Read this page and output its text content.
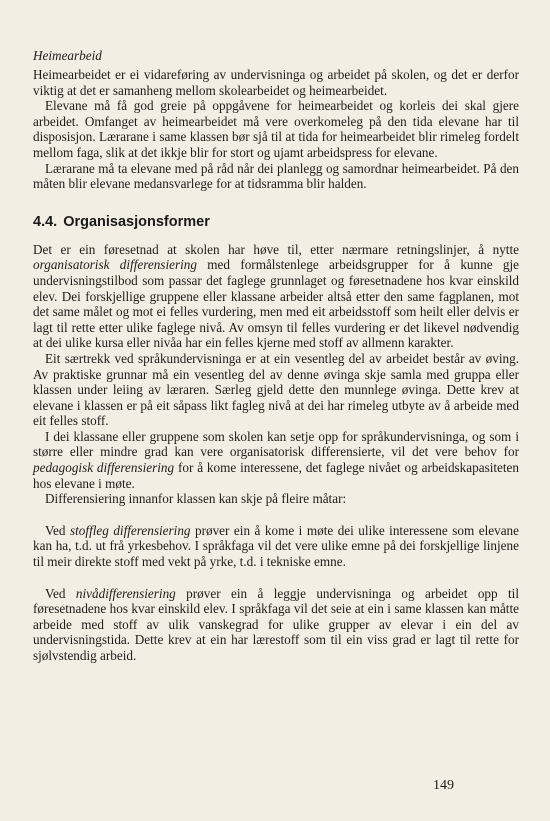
Heimearbeid

Heimearbeidet er ei vidareføring av undervisninga og arbeidet på skolen, og det er derfor viktig at det er samanheng mellom skolearbeidet og heimearbeidet.

Elevane må få god greie på oppgåvene for heimearbeidet og korleis dei skal gjere arbeidet. Omfanget av heimearbeidet må vere overkomeleg på den tida elevane har til disposisjon. Lærarane i same klassen bør sjå til at tida for heimearbeidet blir rimeleg fordelt mellom faga, slik at det ikkje blir for stort og ujamt arbeidspress for elevane.

Lærarane må ta elevane med på råd når dei planlegg og samordnar heimearbeidet. På den måten blir elevane medansvarlege for at tidsramma blir halden.

4.4. Organisasjonsformer

Det er ein føresetnad at skolen har høve til, etter nærmare retningslinjer, å nytte organisatorisk differensiering med formålstenlege arbeidsgrupper for å kunne gje undervisningstilbod som passar det faglege grunnlaget og føresetnadene hos kvar einskild elev. Dei forskjellige gruppene eller klassane arbeider altså etter den same fagplanen, mot det same målet og mot ei felles vurdering, men med eit arbeidsstoff som heilt eller delvis er lagt til rette etter ulike faglege nivå. Av omsyn til felles vurdering er det likevel nødvendig at dei ulike kursa eller nivåa har ein felles kjerne med stoff av allmenn karakter.

Eit særtrekk ved språkundervisninga er at ein vesentleg del av arbeidet består av øving. Av praktiske grunnar må ein vesentleg del av denne øvinga skje samla med gruppa eller klassen under leiing av læraren. Særleg gjeld dette den munnlege øvinga. Dette krev at elevane i klassen er på eit såpass likt fagleg nivå at dei har rimeleg utbyte av å arbeide med eit felles stoff.

I dei klassane eller gruppene som skolen kan setje opp for språkundervisninga, og som i større eller mindre grad kan vere organisatorisk differensierte, vil det vere behov for pedagogisk differensiering for å kome interessene, det faglege nivået og arbeidskapasiteten hos elevane i møte.

Differensiering innanfor klassen kan skje på fleire måtar:

Ved stoffleg differensiering prøver ein å kome i møte dei ulike interessene som elevane kan ha, t.d. ut frå yrkesbehov. I språkfaga vil det vere ulike emne på dei forskjellige linjene til meir direkte stoff med vekt på yrke, t.d. i tekniske emne.

Ved nivådifferensiering prøver ein å leggje undervisninga og arbeidet opp til føresetnadene hos kvar einskild elev. I språkfaga vil det seie at ein i same klassen kan måtte arbeide med stoff av ulik vanskegrad for ulike grupper av elevar i ein del av undervisningstida. Dette krev at ein har lærestoff som til ein viss grad er lagt til rette for sjølvstendig arbeid.

149
